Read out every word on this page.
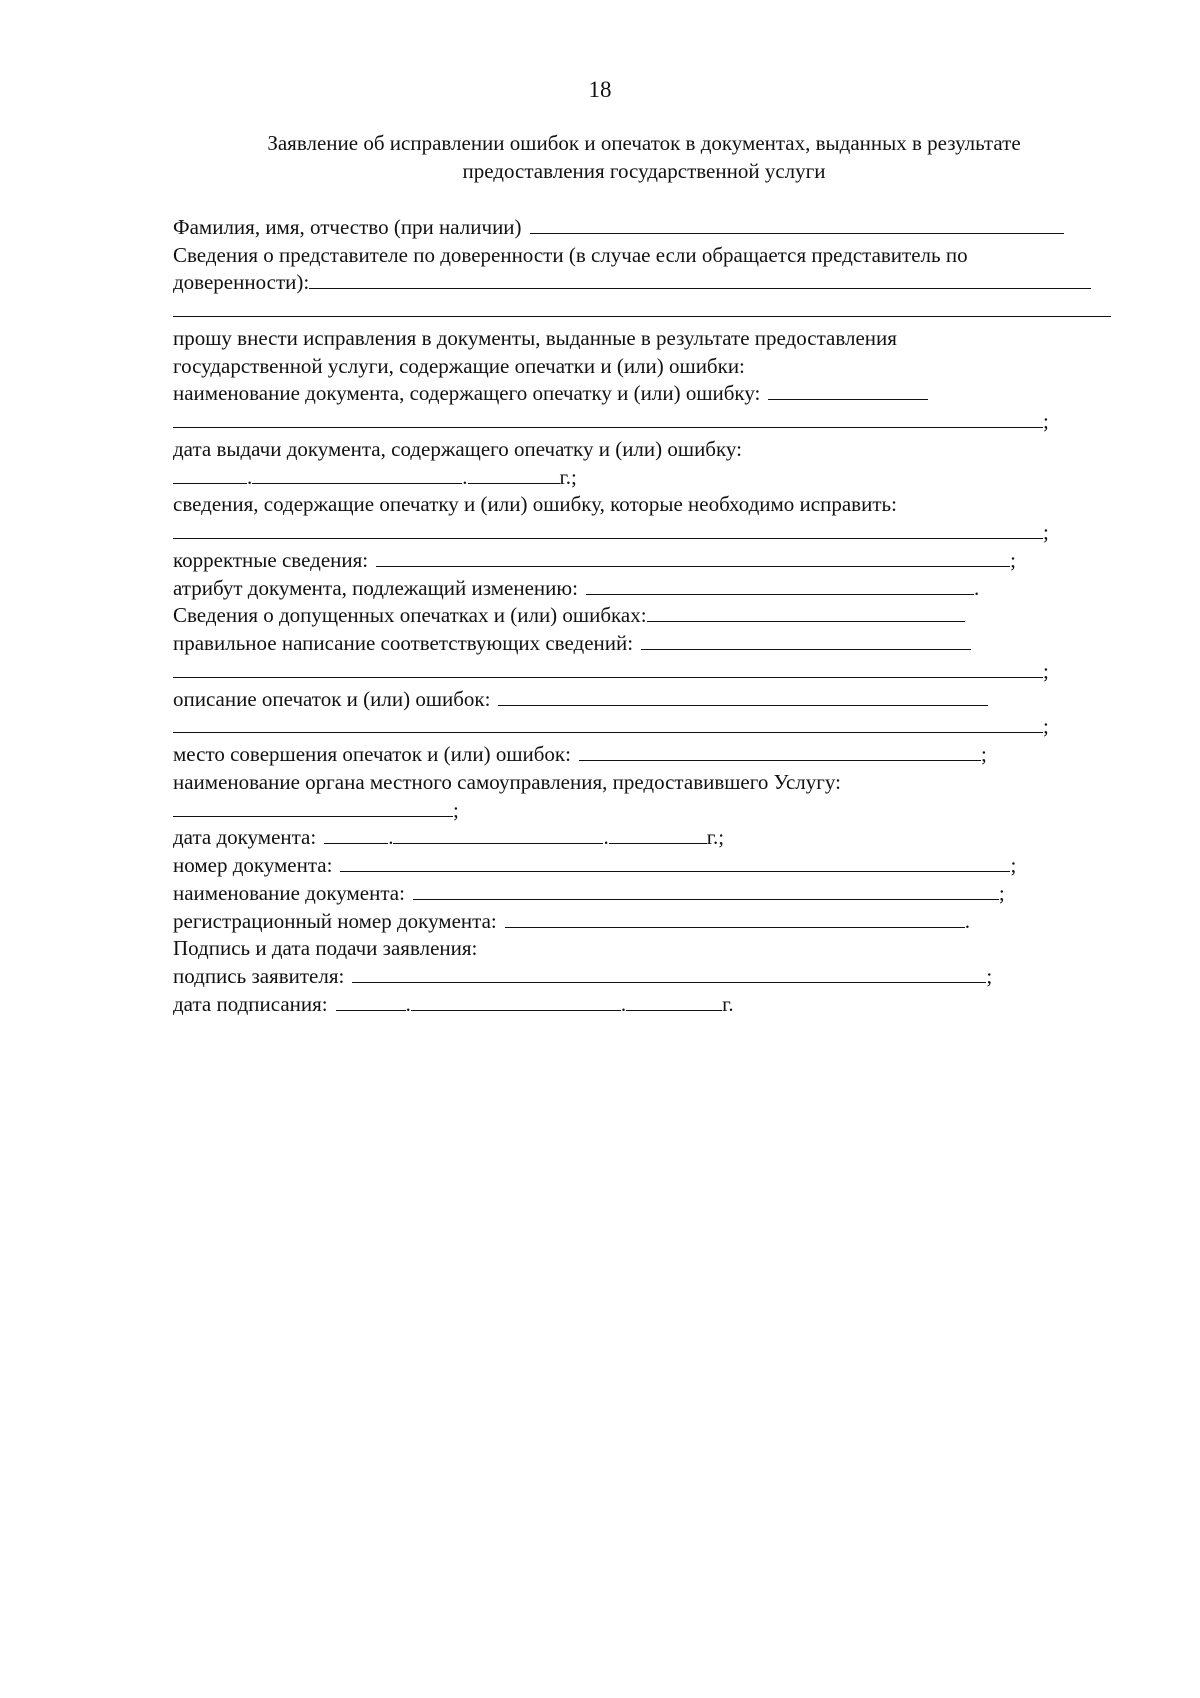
18
Заявление об исправлении ошибок и опечаток в документах, выданных в результате
предоставления государственной услуги
Фамилия, имя, отчество (при наличии)
Сведения о представителе по доверенности (в случае если обращается представитель по
доверенности):
прошу внести исправления в документы, выданные в результате предоставления
государственной услуги, содержащие опечатки и (или) ошибки:
наименование документа, содержащего опечатку и (или) ошибку:
;
дата выдачи документа, содержащего опечатку и (или) ошибку:
.	.	г.;
сведения, содержащие опечатку и (или) ошибку, которые необходимо исправить:
;
корректные сведения:	;
атрибут документа, подлежащий изменению:	.
Сведения о допущенных опечатках и (или) ошибках:
правильное написание соответствующих сведений:
;
описание опечаток и (или) ошибок:
;
место совершения опечаток и (или) ошибок:	;
наименование органа местного самоуправления, предоставившего Услугу:
;
дата документа:	.	.	г.;
номер документа:	;
наименование документа:	;
регистрационный номер документа:	.
Подпись и дата подачи заявления:
подпись заявителя:	;
дата подписания:	.	.	г.
